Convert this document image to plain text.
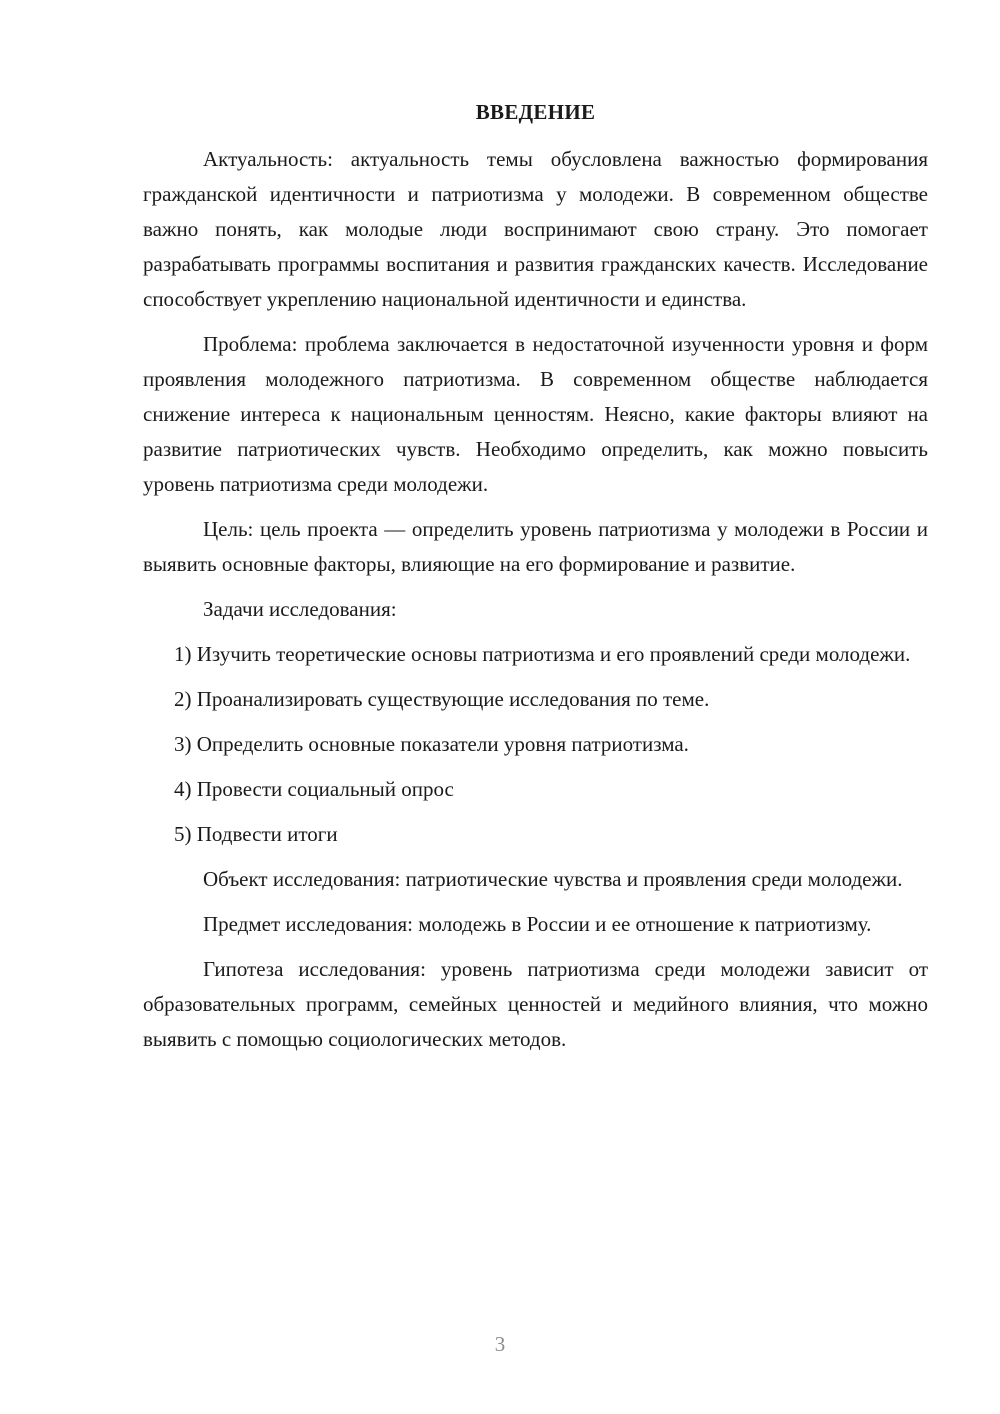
ВВЕДЕНИЕ

Актуальность: актуальность темы обусловлена важностью формирования гражданской идентичности и патриотизма у молодежи. В современном обществе важно понять, как молодые люди воспринимают свою страну. Это помогает разрабатывать программы воспитания и развития гражданских качеств. Исследование способствует укреплению национальной идентичности и единства.

Проблема: проблема заключается в недостаточной изученности уровня и форм проявления молодежного патриотизма. В современном обществе наблюдается снижение интереса к национальным ценностям. Неясно, какие факторы влияют на развитие патриотических чувств. Необходимо определить, как можно повысить уровень патриотизма среди молодежи.

Цель: цель проекта — определить уровень патриотизма у молодежи в России и выявить основные факторы, влияющие на его формирование и развитие.

Задачи исследования:

1) Изучить теоретические основы патриотизма и его проявлений среди молодежи.

2) Проанализировать существующие исследования по теме.

3) Определить основные показатели уровня патриотизма.

4) Провести социальный опрос

5) Подвести итоги

Объект исследования: патриотические чувства и проявления среди молодежи.

Предмет исследования: молодежь в России и ее отношение к патриотизму.

Гипотеза исследования: уровень патриотизма среди молодежи зависит от образовательных программ, семейных ценностей и медийного влияния, что можно выявить с помощью социологических методов.

3
